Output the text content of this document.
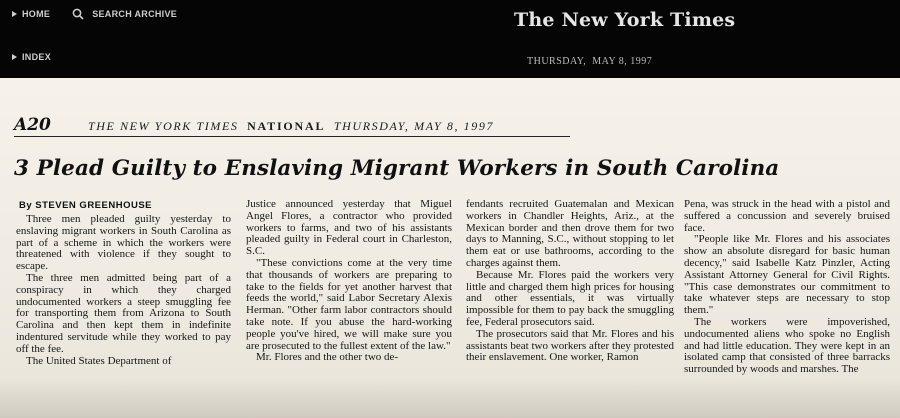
HOME	SEARCH ARCHIVE
INDEX
The New York Times
THURSDAY, MAY 8, 1997
A20	THE NEW YORK TIMES NATIONAL THURSDAY, MAY 8, 1997
3 Plead Guilty to Enslaving Migrant Workers in South Carolina
By STEVEN GREENHOUSE

Three men pleaded guilty yesterday to enslaving migrant workers in South Carolina as part of a scheme in which the workers were threatened with violence if they sought to escape.

The three men admitted being part of a conspiracy in which they charged undocumented workers a steep smuggling fee for transporting them from Arizona to South Carolina and then kept them in indefinite indentured servitude while they worked to pay off the fee.

The United States Department of

Justice announced yesterday that Miguel Angel Flores, a contractor who provided workers to farms, and two of his assistants pleaded guilty in Federal court in Charleston, S.C.

"These convictions come at the very time that thousands of workers are preparing to take to the fields for yet another harvest that feeds the world," said Labor Secretary Alexis Herman. "Other farm labor contractors should take note. If you abuse the hard-working people you've hired, we will make sure you are prosecuted to the fullest extent of the law."

Mr. Flores and the other two de-

fendants recruited Guatemalan and Mexican workers in Chandler Heights, Ariz., at the Mexican border and then drove them for two days to Manning, S.C., without stopping to let them eat or use bathrooms, according to the charges against them.

Because Mr. Flores paid the workers very little and charged them high prices for housing and other essentials, it was virtually impossible for them to pay back the smuggling fee, Federal prosecutors said.

The prosecutors said that Mr. Flores and his assistants beat two workers after they protested their enslavement. One worker, Ramon

Pena, was struck in the head with a pistol and suffered a concussion and severely bruised face.

"People like Mr. Flores and his associates show an absolute disregard for basic human decency," said Isabelle Katz Pinzler, Acting Assistant Attorney General for Civil Rights. "This case demonstrates our commitment to take whatever steps are necessary to stop them."

The workers were impoverished, undocumented aliens who spoke no English and had little education. They were kept in an isolated camp that consisted of three barracks surrounded by woods and marshes. The
